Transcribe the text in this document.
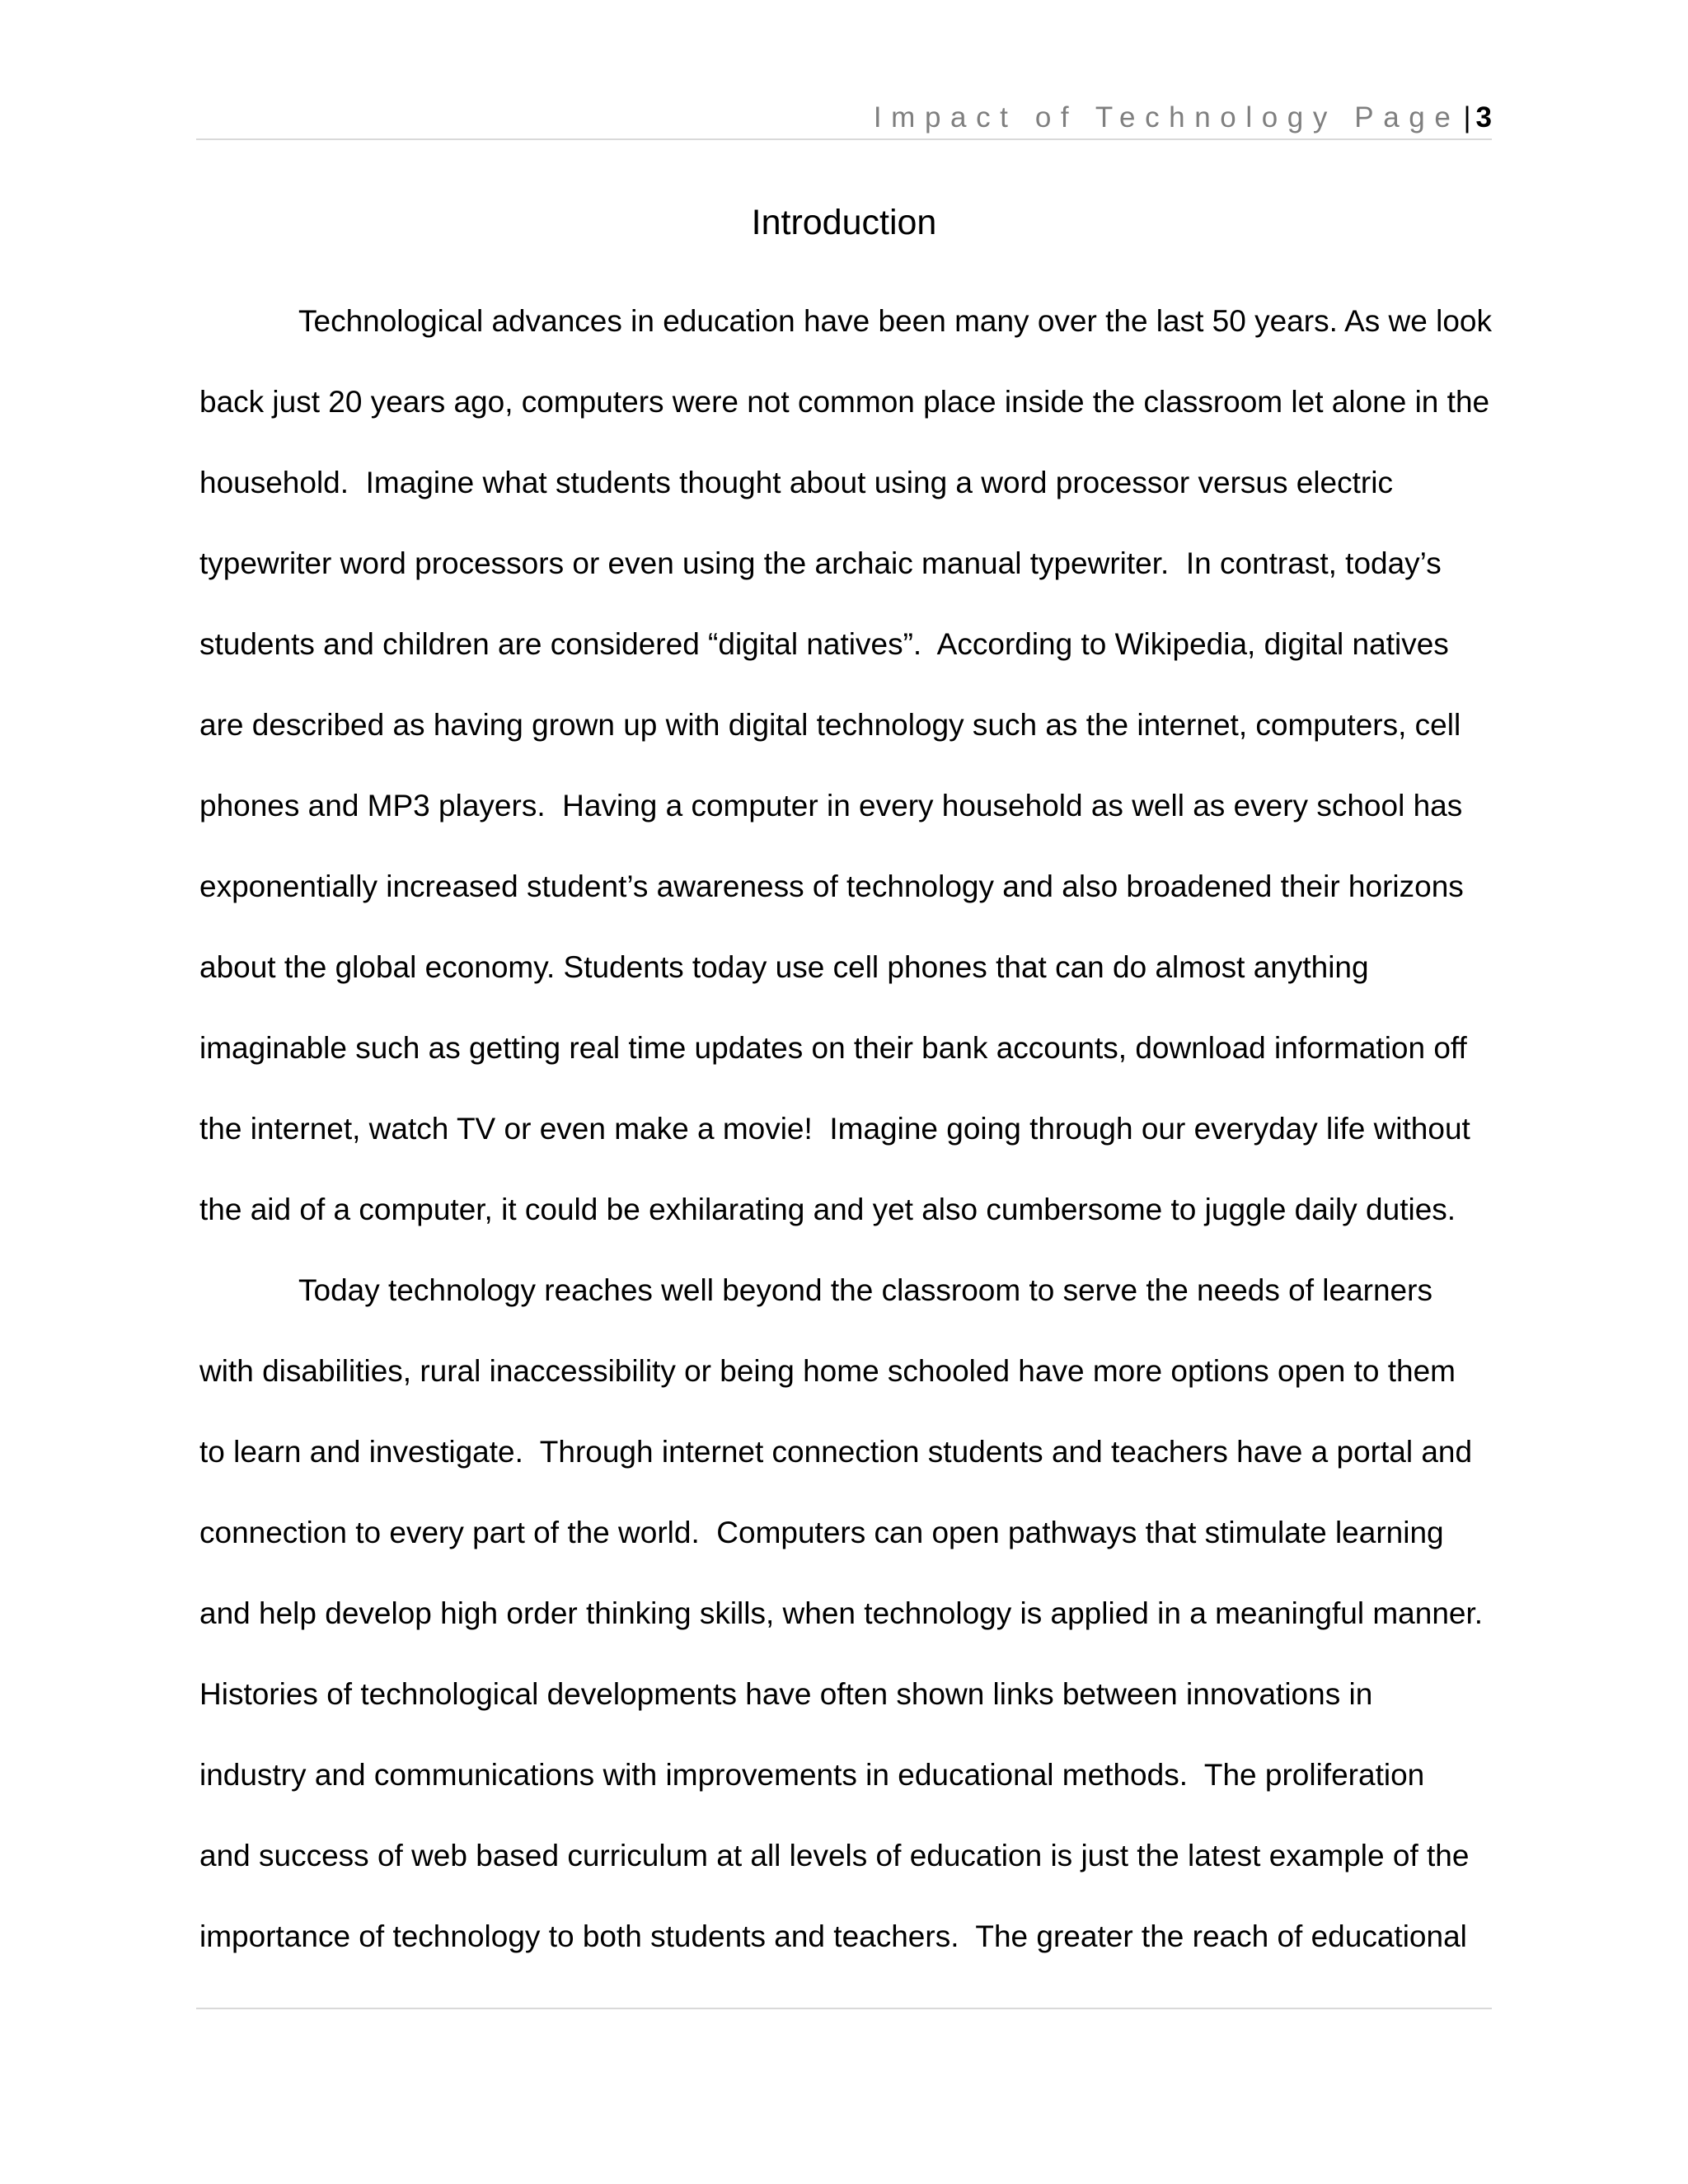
Impact of Technology Page | 3
Introduction
Technological advances in education have been many over the last 50 years. As we look
back just 20 years ago, computers were not common place inside the classroom let alone in the
household.  Imagine what students thought about using a word processor versus electric
typewriter word processors or even using the archaic manual typewriter.  In contrast, today’s
students and children are considered “digital natives”.  According to Wikipedia, digital natives
are described as having grown up with digital technology such as the internet, computers, cell
phones and MP3 players.  Having a computer in every household as well as every school has
exponentially increased student’s awareness of technology and also broadened their horizons
about the global economy. Students today use cell phones that can do almost anything
imaginable such as getting real time updates on their bank accounts, download information off
the internet, watch TV or even make a movie!  Imagine going through our everyday life without
the aid of a computer, it could be exhilarating and yet also cumbersome to juggle daily duties.
Today technology reaches well beyond the classroom to serve the needs of learners
with disabilities, rural inaccessibility or being home schooled have more options open to them
to learn and investigate.  Through internet connection students and teachers have a portal and
connection to every part of the world.  Computers can open pathways that stimulate learning
and help develop high order thinking skills, when technology is applied in a meaningful manner.
Histories of technological developments have often shown links between innovations in
industry and communications with improvements in educational methods.  The proliferation
and success of web based curriculum at all levels of education is just the latest example of the
importance of technology to both students and teachers.  The greater the reach of educational
